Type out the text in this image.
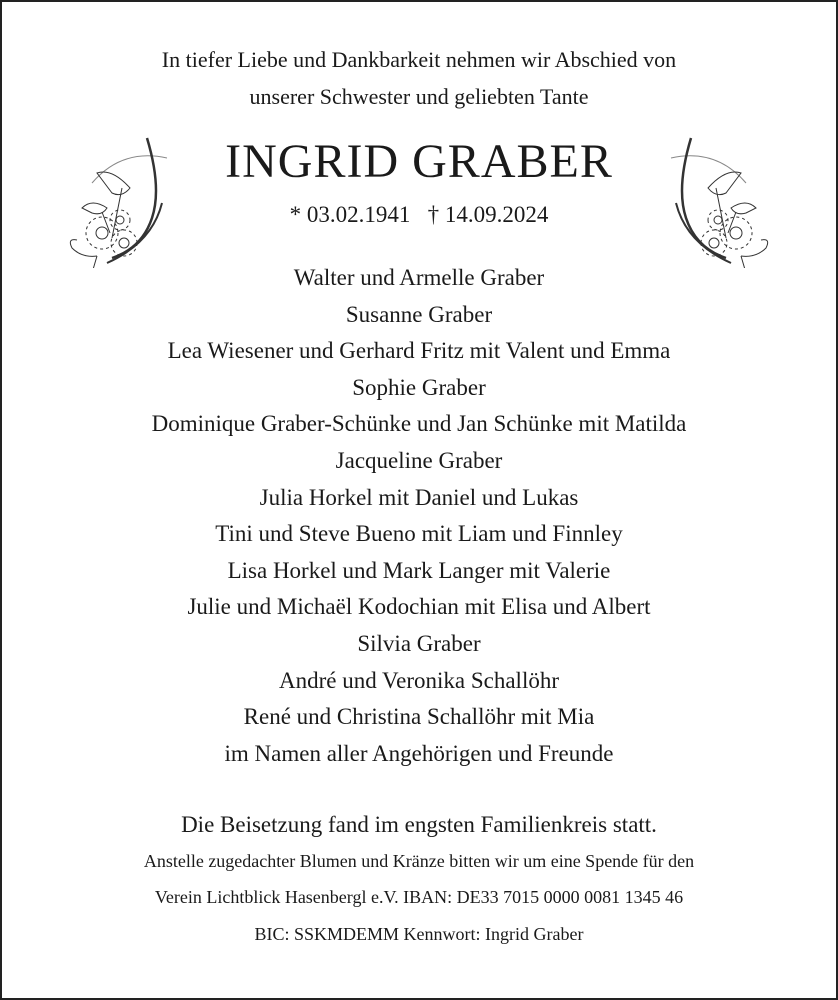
In tiefer Liebe und Dankbarkeit nehmen wir Abschied von
unserer Schwester und geliebten Tante
INGRID GRABER
* 03.02.1941 † 14.09.2024
Walter und Armelle Graber
Susanne Graber
Lea Wiesener und Gerhard Fritz mit Valent und Emma
Sophie Graber
Dominique Graber-Schünke und Jan Schünke mit Matilda
Jacqueline Graber
Julia Horkel mit Daniel und Lukas
Tini und Steve Bueno mit Liam und Finnley
Lisa Horkel und Mark Langer mit Valerie
Julie und Michaël Kodochian mit Elisa und Albert
Silvia Graber
André und Veronika Schallöhr
René und Christina Schallöhr mit Mia
im Namen aller Angehörigen und Freunde
Die Beisetzung fand im engsten Familienkreis statt.
Anstelle zugedachter Blumen und Kränze bitten wir um eine Spende für den
Verein Lichtblick Hasenbergl e.V. IBAN: DE33 7015 0000 0081 1345 46
BIC: SSKMDEMM Kennwort: Ingrid Graber
